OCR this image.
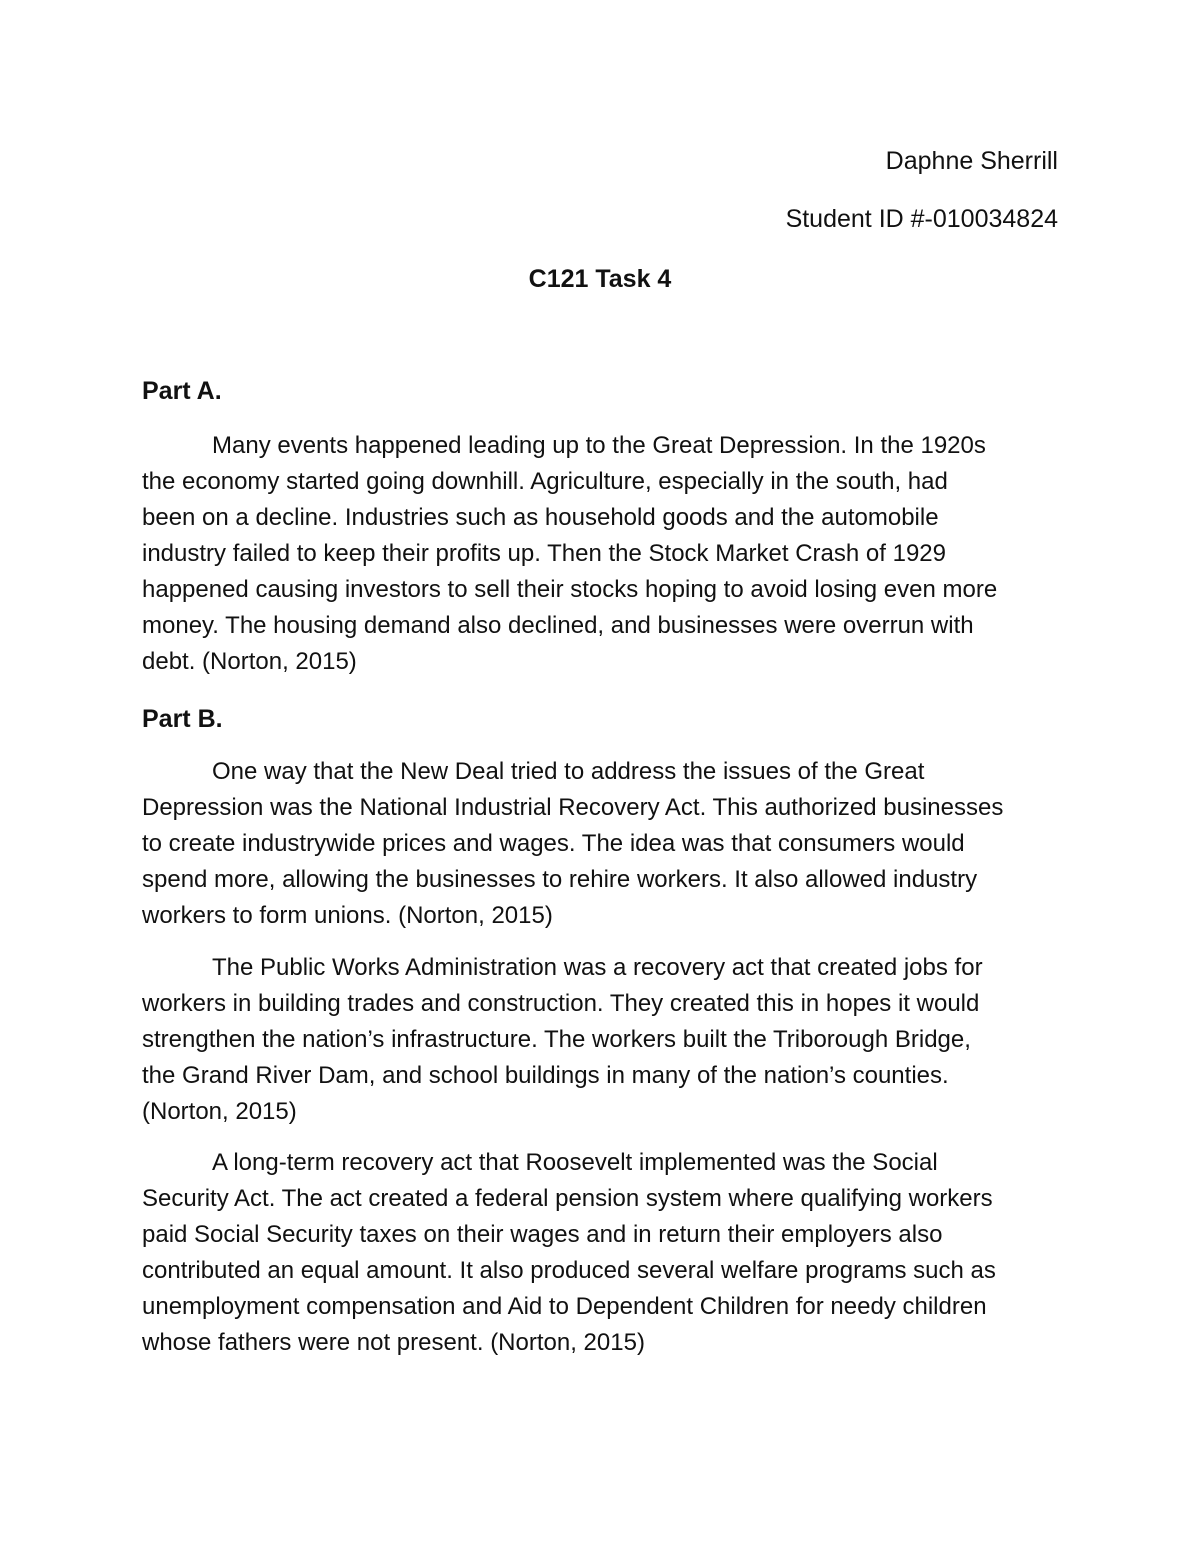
Daphne Sherrill
Student ID #-010034824
C121 Task 4
Part A.
Many events happened leading up to the Great Depression. In the 1920s
the economy started going downhill. Agriculture, especially in the south, had
been on a decline. Industries such as household goods and the automobile
industry failed to keep their profits up. Then the Stock Market Crash of 1929
happened causing investors to sell their stocks hoping to avoid losing even more
money. The housing demand also declined, and businesses were overrun with
debt. (Norton, 2015)
Part B.
One way that the New Deal tried to address the issues of the Great
Depression was the National Industrial Recovery Act. This authorized businesses
to create industrywide prices and wages. The idea was that consumers would
spend more, allowing the businesses to rehire workers. It also allowed industry
workers to form unions. (Norton, 2015)
The Public Works Administration was a recovery act that created jobs for
workers in building trades and construction. They created this in hopes it would
strengthen the nation’s infrastructure. The workers built the Triborough Bridge,
the Grand River Dam, and school buildings in many of the nation’s counties.
(Norton, 2015)
A long-term recovery act that Roosevelt implemented was the Social
Security Act. The act created a federal pension system where qualifying workers
paid Social Security taxes on their wages and in return their employers also
contributed an equal amount. It also produced several welfare programs such as
unemployment compensation and Aid to Dependent Children for needy children
whose fathers were not present. (Norton, 2015)
